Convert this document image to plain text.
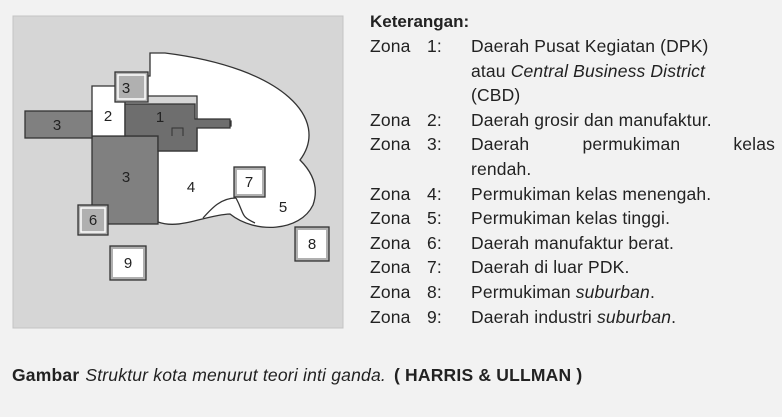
3
3
2	1
3
4	7
5
6
8
9
Keterangan:
Zona 1:	Daerah Pusat Kegiatan (DPK)
atau Central Business District
(CBD)
Zona 2:	Daerah grosir dan manufaktur.
Zona 3:	Daerah permukiman kelas
rendah.
Zona 4:	Permukiman kelas menengah.
Zona 5:	Permukiman kelas tinggi.
Zona 6:	Daerah manufaktur berat.
Zona 7:	Daerah di luar PDK.
Zona 8:	Permukiman suburban.
Zona 9:	Daerah industri suburban.
Gambar Struktur kota menurut teori inti ganda. ( HARRIS & ULLMAN )
